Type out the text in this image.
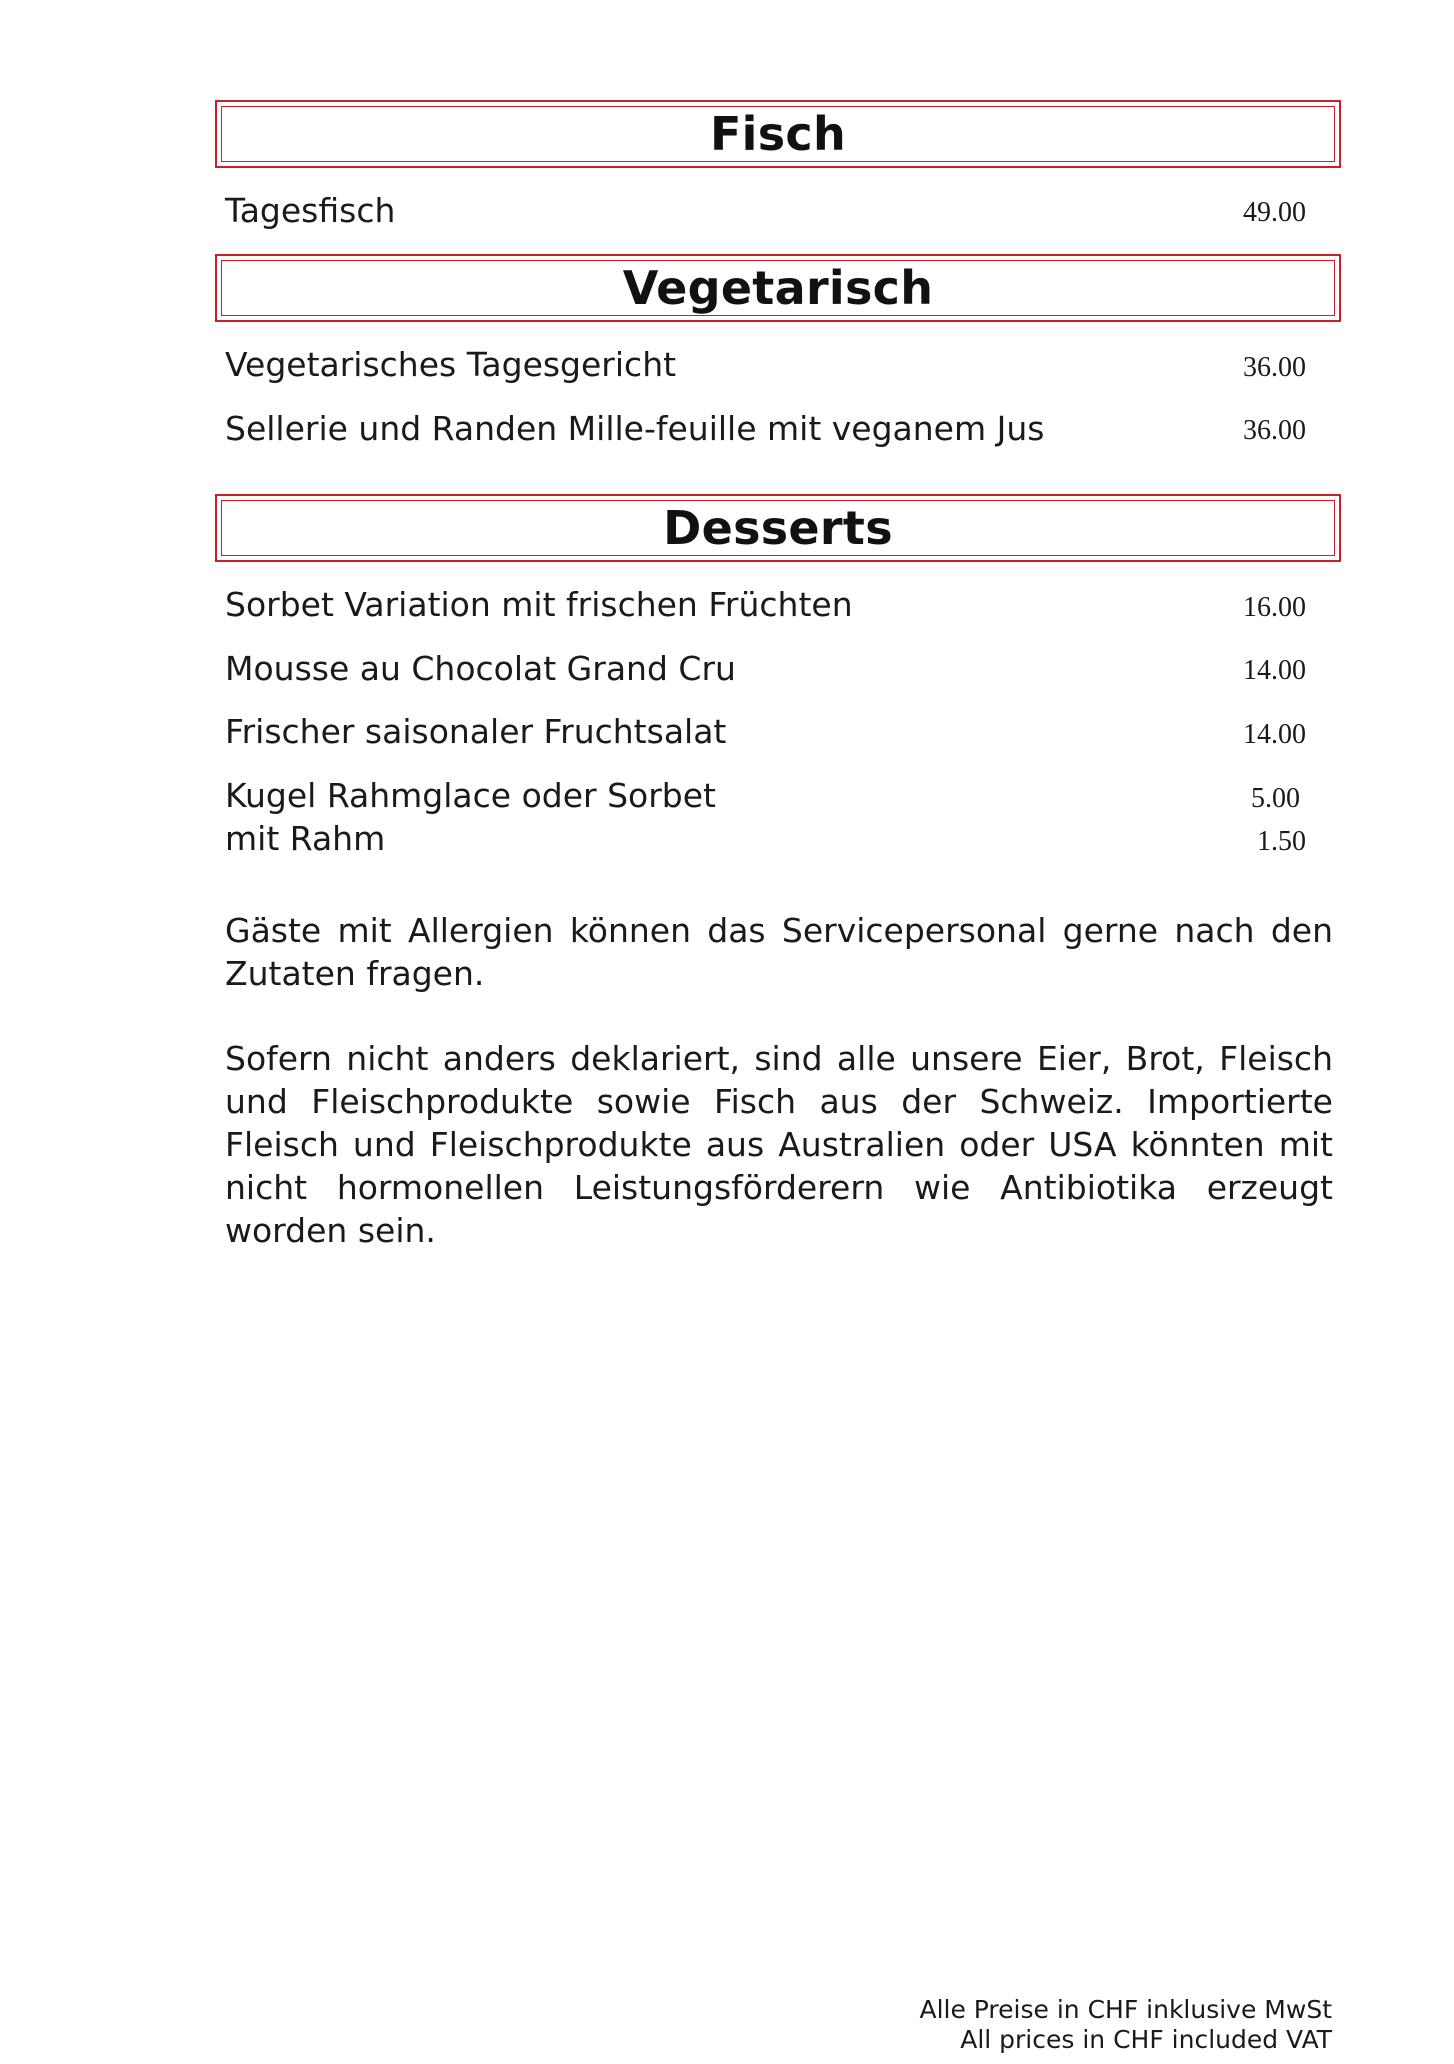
Fisch
Tagesfisch	49.00
Vegetarisch
Vegetarisches Tagesgericht	36.00
Sellerie und Randen Mille-feuille mit veganem Jus	36.00
Desserts
Sorbet Variation mit frischen Früchten	16.00
Mousse au Chocolat Grand Cru	14.00
Frischer saisonaler Fruchtsalat	14.00
Kugel Rahmglace oder Sorbet	5.00
mit Rahm	1.50

Gäste mit Allergien können das Servicepersonal gerne nach den Zutaten fragen.

Sofern nicht anders deklariert, sind alle unsere Eier, Brot, Fleisch und Fleischprodukte sowie Fisch aus der Schweiz. Importierte Fleisch und Fleischprodukte aus Australien oder USA könnten mit nicht hormonellen Leistungsförderern wie Antibiotika erzeugt worden sein.

Alle Preise in CHF inklusive MwSt
All prices in CHF included VAT
